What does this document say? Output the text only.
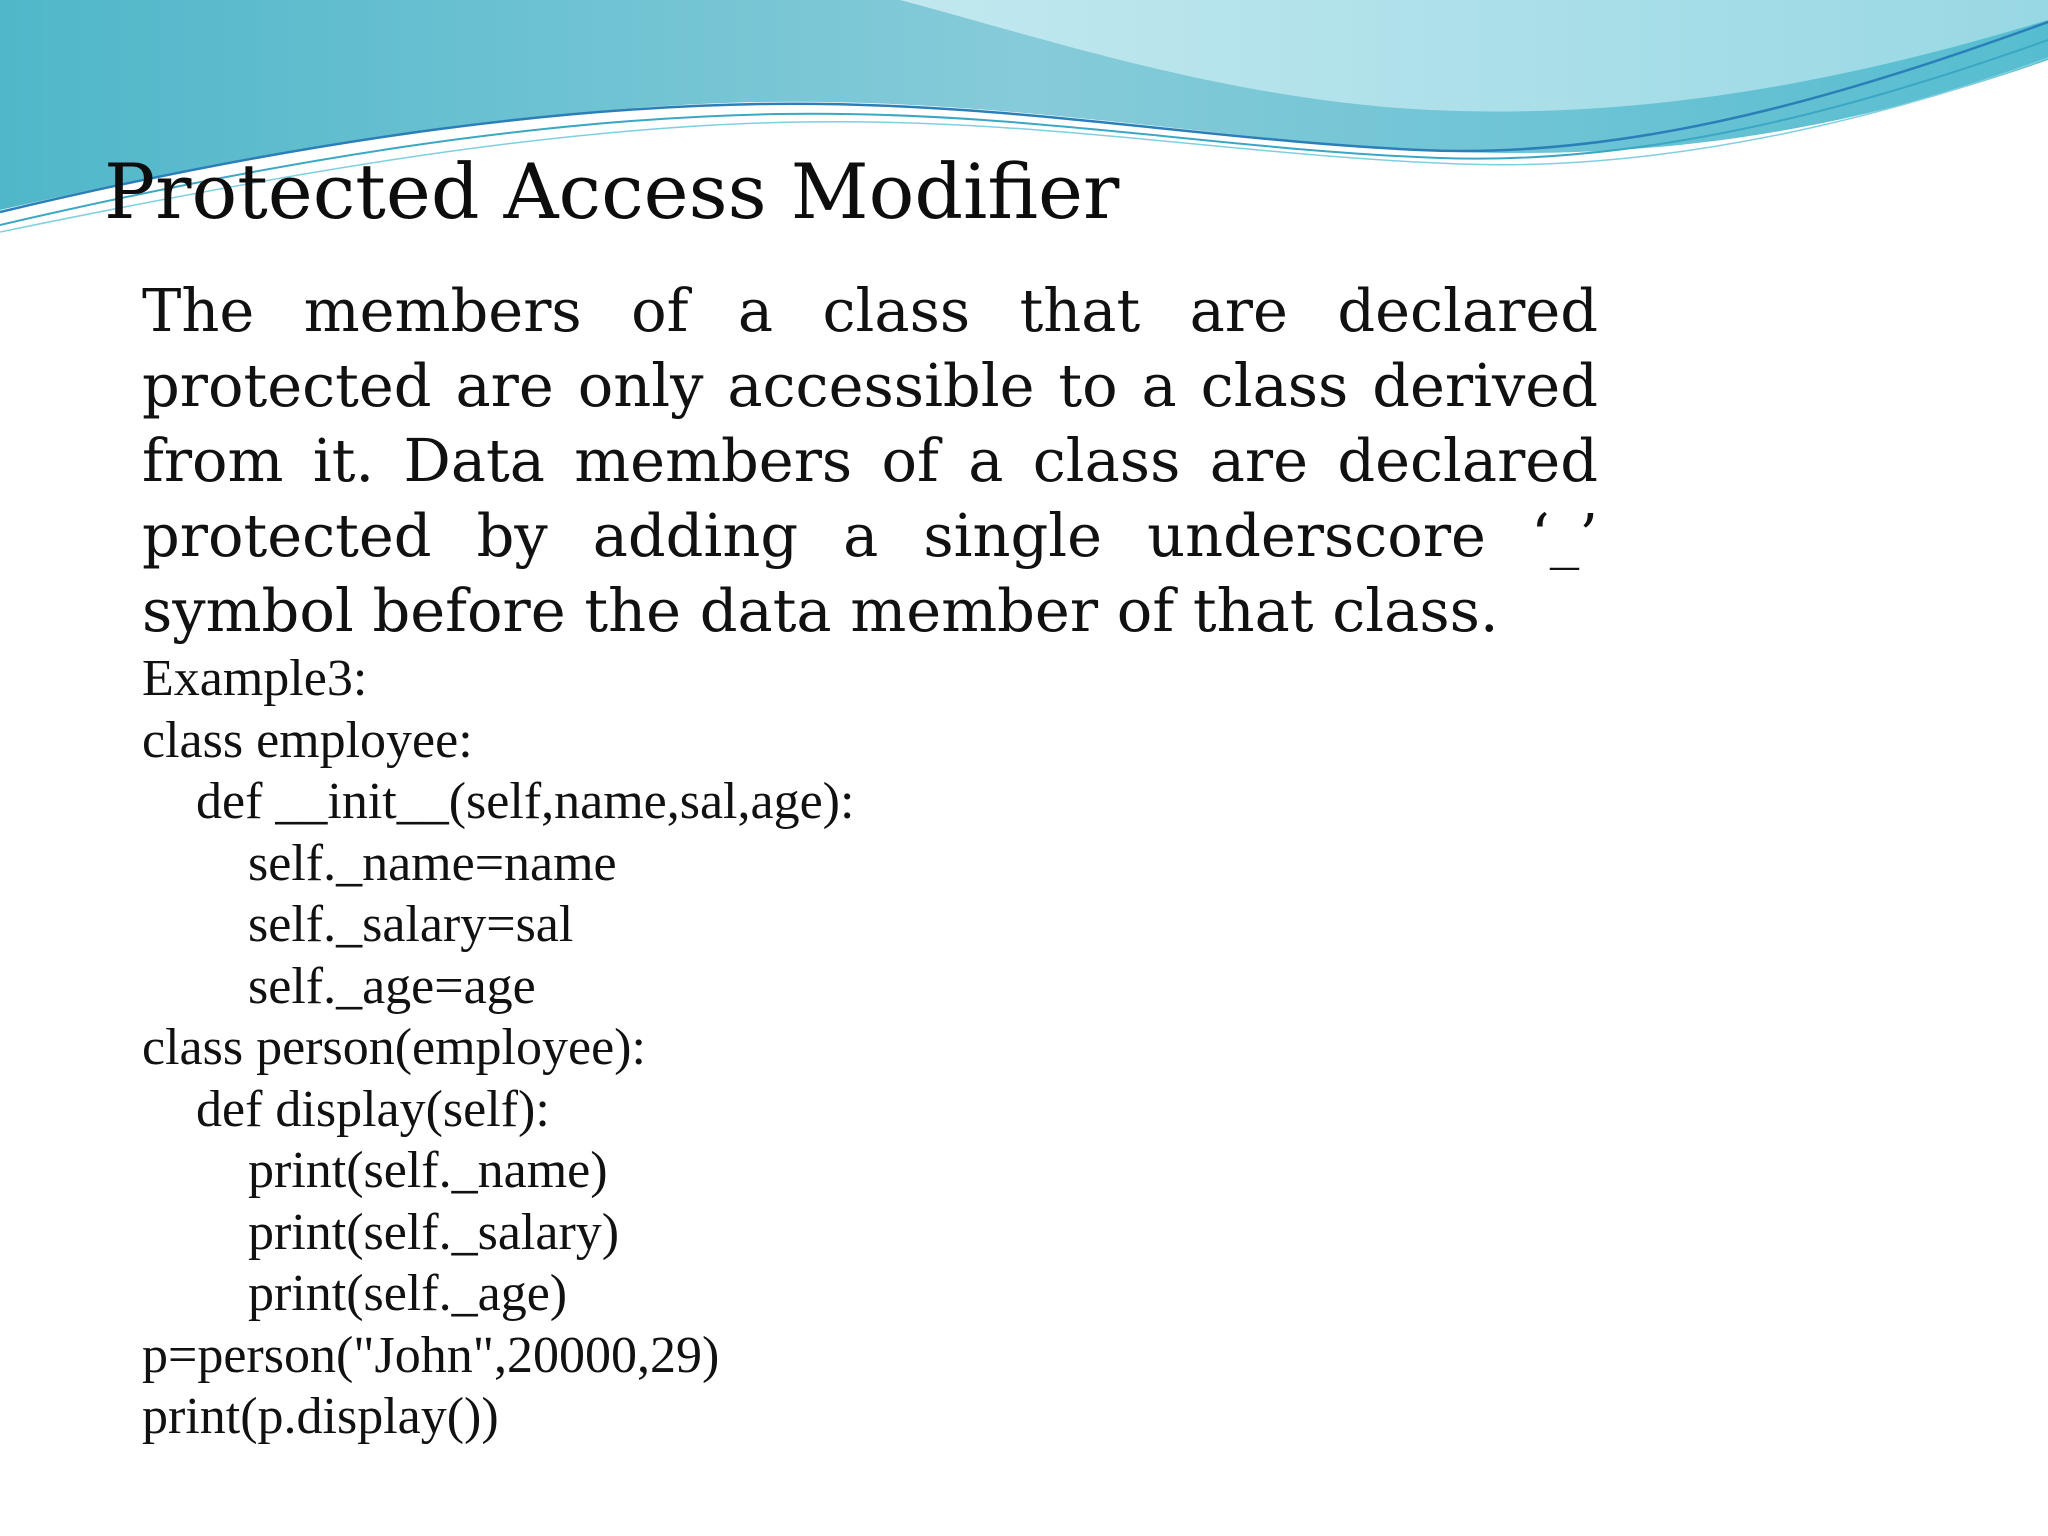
Protected Access Modifier

The members of a class that are declared protected are only accessible to a class derived from it. Data members of a class are declared protected by adding a single underscore ‘_’ symbol before the data member of that class.

Example3:
class employee:
def __init__(self,name,sal,age):
self._name=name
self._salary=sal
self._age=age
class person(employee):
def display(self):
print(self._name)
print(self._salary)
print(self._age)
p=person("John",20000,29)
print(p.display())
